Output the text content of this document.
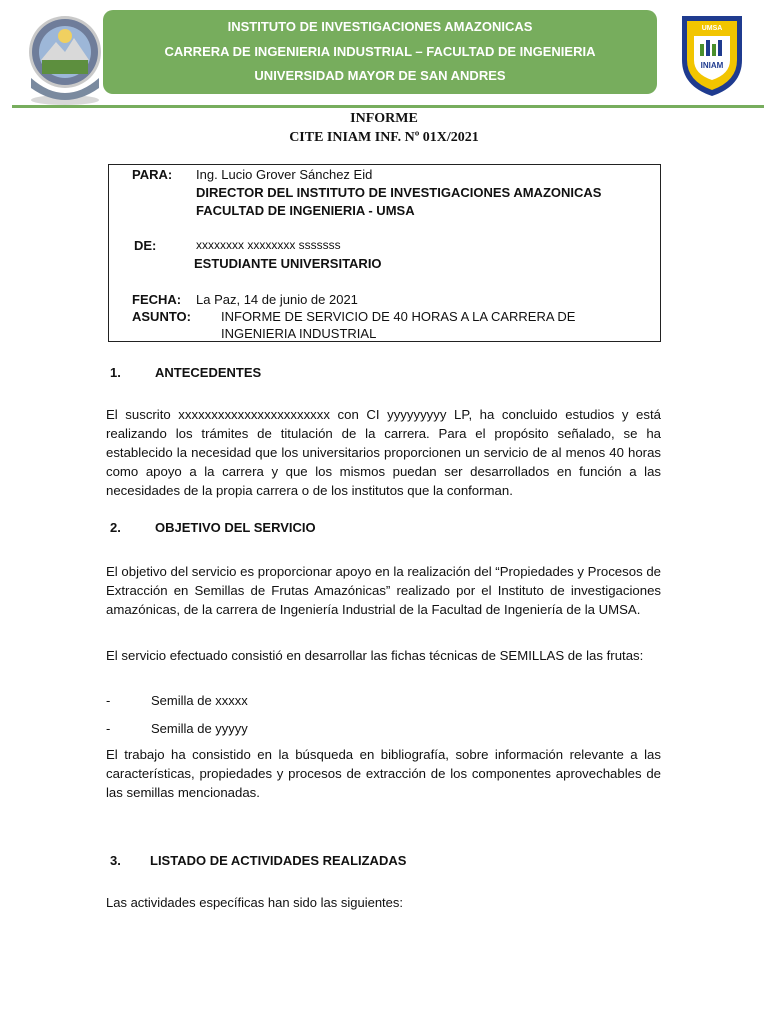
INSTITUTO DE INVESTIGACIONES AMAZONICAS
CARRERA DE INGENIERIA INDUSTRIAL – FACULTAD DE INGENIERIA
UNIVERSIDAD MAYOR DE SAN ANDRES
UMSA
INIAM
INFORME
CITE INIAM INF. Nº 01X/2021
PARA: Ing. Lucio Grover Sánchez Eid
DIRECTOR DEL INSTITUTO DE INVESTIGACIONES AMAZONICAS
FACULTAD DE INGENIERIA - UMSA
DE:	xxxxxxxx xxxxxxxx sssssss
ESTUDIANTE UNIVERSITARIO
FECHA: La Paz, 14 de junio de 2021
ASUNTO: INFORME DE SERVICIO DE 40 HORAS A LA CARRERA DE
INGENIERIA INDUSTRIAL
1.	ANTECEDENTES
El suscrito xxxxxxxxxxxxxxxxxxxxxxx con CI yyyyyyyyy LP, ha concluido estudios y está realizando los trámites de titulación de la carrera. Para el propósito señalado, se ha establecido la necesidad que los universitarios proporcionen un servicio de al menos 40 horas como apoyo a la carrera y que los mismos puedan ser desarrollados en función a las necesidades de la propia carrera o de los institutos que la conforman.
2.	OBJETIVO DEL SERVICIO
El objetivo del servicio es proporcionar apoyo en la realización del “Propiedades y Procesos de Extracción en Semillas de Frutas Amazónicas” realizado por el Instituto de investigaciones amazónicas, de la carrera de Ingeniería Industrial de la Facultad de Ingeniería de la UMSA.
El servicio efectuado consistió en desarrollar las fichas técnicas de SEMILLAS de las frutas:
-	Semilla de xxxxx
-	Semilla de yyyyy
El trabajo ha consistido en la búsqueda en bibliografía, sobre información relevante a las características, propiedades y procesos de extracción de los componentes aprovechables de las semillas mencionadas.
3. LISTADO DE ACTIVIDADES REALIZADAS
Las actividades específicas han sido las siguientes:
